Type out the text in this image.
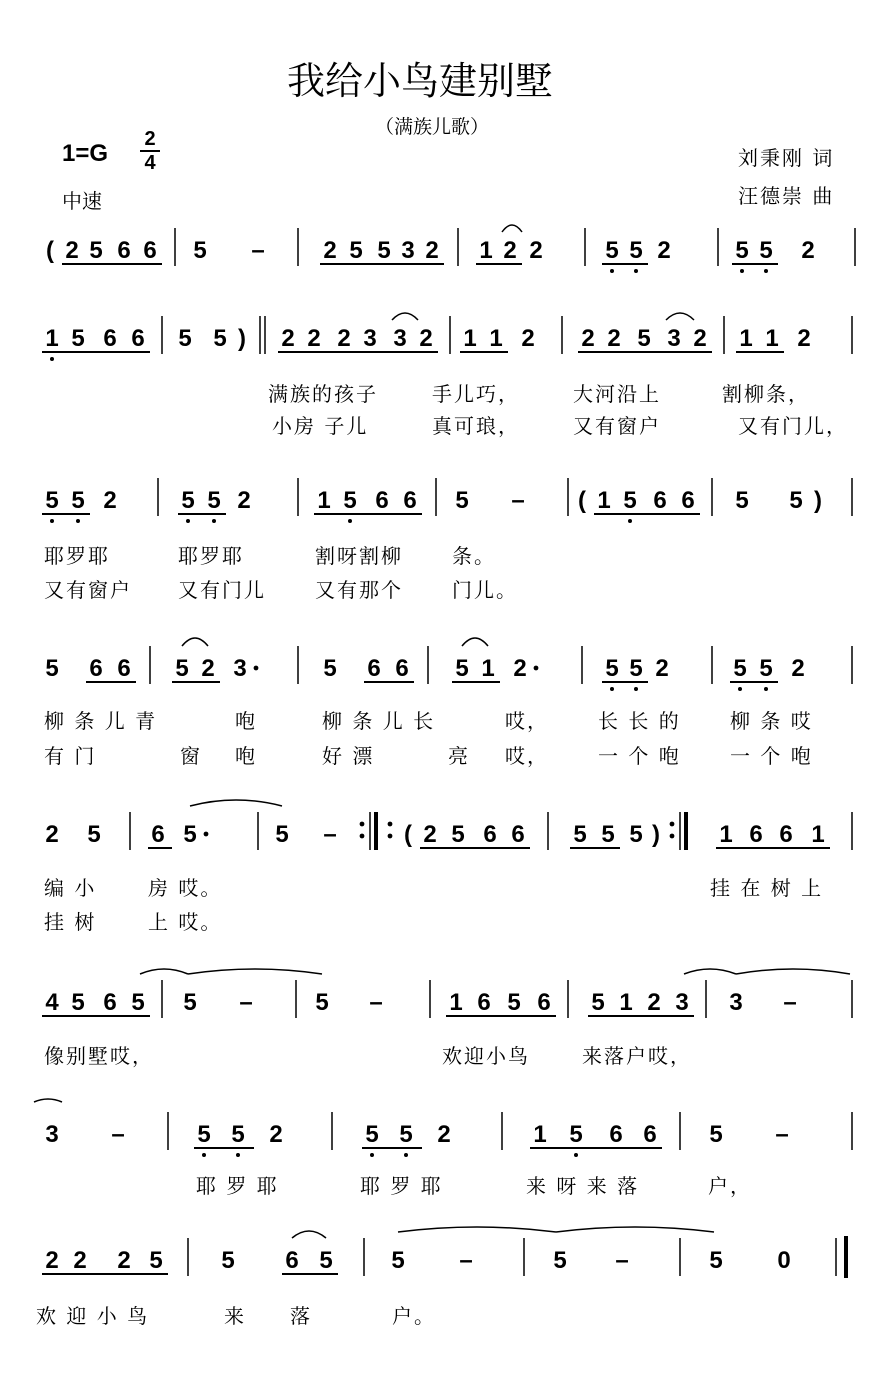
我给小鸟建别墅
（满族儿歌）
1=G
2
4
中速
刘秉刚 词
汪德崇 曲
( 2 5 6 6 5 – 2 5 5 3 2 1 2 2	5 5 2	5 5 2
1 5 6 6 5 5 ) 2 2 2 3 3 2 1 1 2 2 2 5 3 2 1 1 2
5 5 2	5 5 2	1 5 6 6 5 – ( 1 5 6 6 5 5 )
5 6 6 5 2 3	5 6 6 5 1 2	5 5 2	5 5 2
2 5 6 5	5 –	( 2 5 6 6 5 5 5 ) 1 6 6 1
4 5 6 5 5 –	5 –	1 6 5 6 5 1 2 3 3 –
3 –	5 5 2	5 5 2	1 5 6 6 5 –
2 2 2 5 5 6 5 5 –	5 –	5 0
满族的孩子	手儿巧，	大河沿上	割柳条，
小房 子儿	真可琅，	又有窗户	又有门儿，
耶罗耶	耶罗耶	割呀割柳 条。
又有窗户 又有门儿 又有那个 门儿。
柳 条 儿 青	咆	柳 条 儿 长	哎， 长 长 的 柳 条 哎
有 门	窗 咆	好 漂	亮 哎， 一 个 咆 一 个 咆
编 小	房 哎。	挂 在 树 上
挂 树	上 哎。
像别墅哎，	欢迎小鸟	来落户哎，
耶 罗 耶	耶 罗 耶	来 呀 来 落	户，
欢 迎 小 鸟	来 落	户。
